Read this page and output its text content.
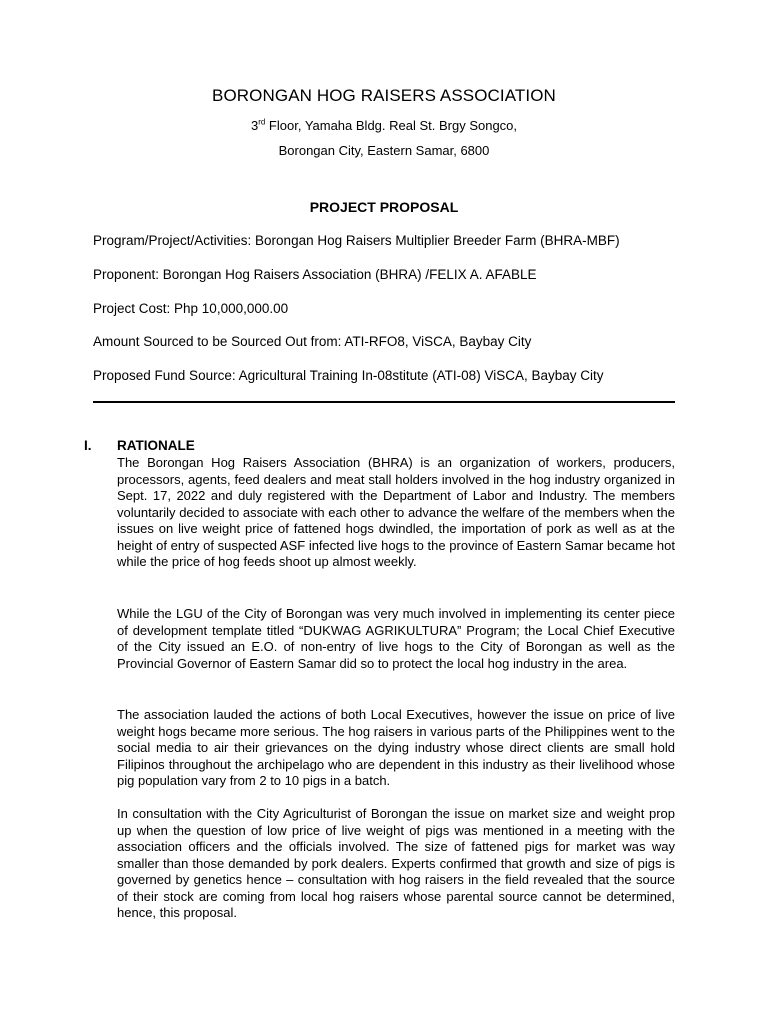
BORONGAN HOG RAISERS ASSOCIATION
3rd Floor, Yamaha Bldg. Real St. Brgy Songco,
Borongan City, Eastern Samar, 6800
PROJECT PROPOSAL
Program/Project/Activities: Borongan Hog Raisers Multiplier Breeder Farm (BHRA-MBF)
Proponent: Borongan Hog Raisers Association (BHRA) /FELIX A. AFABLE
Project Cost: Php 10,000,000.00
Amount Sourced to be Sourced Out from: ATI-RFO8, ViSCA, Baybay City
Proposed Fund Source: Agricultural Training In-08stitute (ATI-08) ViSCA, Baybay City
I. RATIONALE

The Borongan Hog Raisers Association (BHRA) is an organization of workers, producers, processors, agents, feed dealers and meat stall holders involved in the hog industry organized in Sept. 17, 2022 and duly registered with the Department of Labor and Industry. The members voluntarily decided to associate with each other to advance the welfare of the members when the issues on live weight price of fattened hogs dwindled, the importation of pork as well as at the height of entry of suspected ASF infected live hogs to the province of Eastern Samar became hot while the price of hog feeds shoot up almost weekly.

While the LGU of the City of Borongan was very much involved in implementing its center piece of development template titled “DUKWAG AGRIKULTURA” Program; the Local Chief Executive of the City issued an E.O. of non-entry of live hogs to the City of Borongan as well as the Provincial Governor of Eastern Samar did so to protect the local hog industry in the area.

The association lauded the actions of both Local Executives, however the issue on price of live weight hogs became more serious. The hog raisers in various parts of the Philippines went to the social media to air their grievances on the dying industry whose direct clients are small hold Filipinos throughout the archipelago who are dependent in this industry as their livelihood whose pig population vary from 2 to 10 pigs in a batch.

In consultation with the City Agriculturist of Borongan the issue on market size and weight prop up when the question of low price of live weight of pigs was mentioned in a meeting with the association officers and the officials involved. The size of fattened pigs for market was way smaller than those demanded by pork dealers. Experts confirmed that growth and size of pigs is governed by genetics hence – consultation with hog raisers in the field revealed that the source of their stock are coming from local hog raisers whose parental source cannot be determined, hence, this proposal.
